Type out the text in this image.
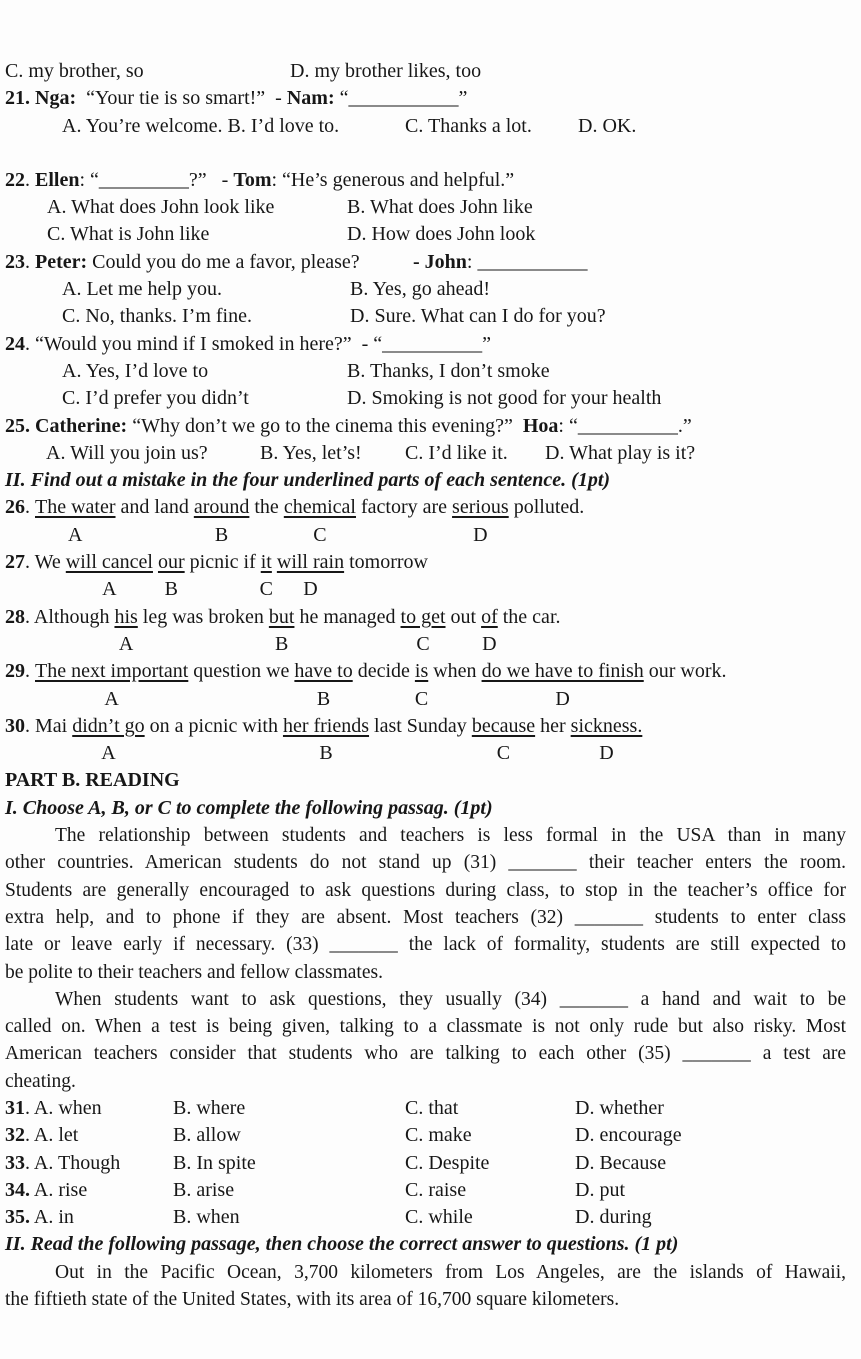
C. my brother, so	D. my brother likes, too
21. Nga:  “Your tie is so smart!”  - Nam: “___________”
A. You’re welcome. B. I’d love to.	C. Thanks a lot. D. OK.
22. Ellen: “_________?”   - Tom: “He’s generous and helpful.”
A. What does John look like	B. What does John like
C. What is John like	D. How does John look
23. Peter: Could you do me a favor, please?	- John: ___________
A. Let me help you.	B. Yes, go ahead!
C. No, thanks. I’m fine.	D. Sure. What can I do for you?
24. “Would you mind if I smoked in here?”  - “__________”
A. Yes, I’d love to	B. Thanks, I don’t smoke
C. I’d prefer you didn’t	D. Smoking is not good for your health
25. Catherine: “Why don’t we go to the cinema this evening?”  Hoa: “__________.”
A. Will you join us?	B. Yes, let’s! C. I’d like it. D. What play is it?
II. Find out a mistake in the four underlined parts of each sentence. (1pt)
26. The water
A
and land around
B
the chemical
C
factory are serious
D
polluted.
27. We will cancel
A
our
B
picnic if it
C
will rain
D
tomorrow
28. Although his
A
leg was broken but
B
he managed to get
C
out of
D
the car.
29. The next important
A
question we have to
B
decide is
C
when do we have to finish
D
our work.
30. Mai didn’t go
A
on a picnic with her friends
B
last Sunday because
C
her sickness.
D
PART B. READING
I. Choose A, B, or C to complete the following passag. (1pt)
The relationship between students and teachers is less formal in the USA than in many
other countries. American students do not stand up (31) _______ their teacher enters the room.
Students are generally encouraged to ask questions during class, to stop in the teacher’s office for
extra help, and to phone if they are absent. Most teachers (32) _______ students to enter class
late or leave early if necessary. (33) _______ the lack of formality, students are still expected to
be polite to their teachers and fellow classmates.
When students want to ask questions, they usually (34) _______ a hand and wait to be
called on. When a test is being given, talking to a classmate is not only rude but also risky. Most
American teachers consider that students who are talking to each other (35) _______ a test are
cheating.
31. A. when	B. where	C. that	D. whether
32. A. let	B. allow	C. make	D. encourage
33. A. Though	B. In spite	C. Despite	D. Because
34. A. rise	B. arise	C. raise	D. put
35. A. in	B. when	C. while	D. during
II. Read the following passage, then choose the correct answer to questions. (1 pt)
Out in the Pacific Ocean, 3,700 kilometers from Los Angeles, are the islands of Hawaii,
the fiftieth state of the United States, with its area of 16,700 square kilometers.
